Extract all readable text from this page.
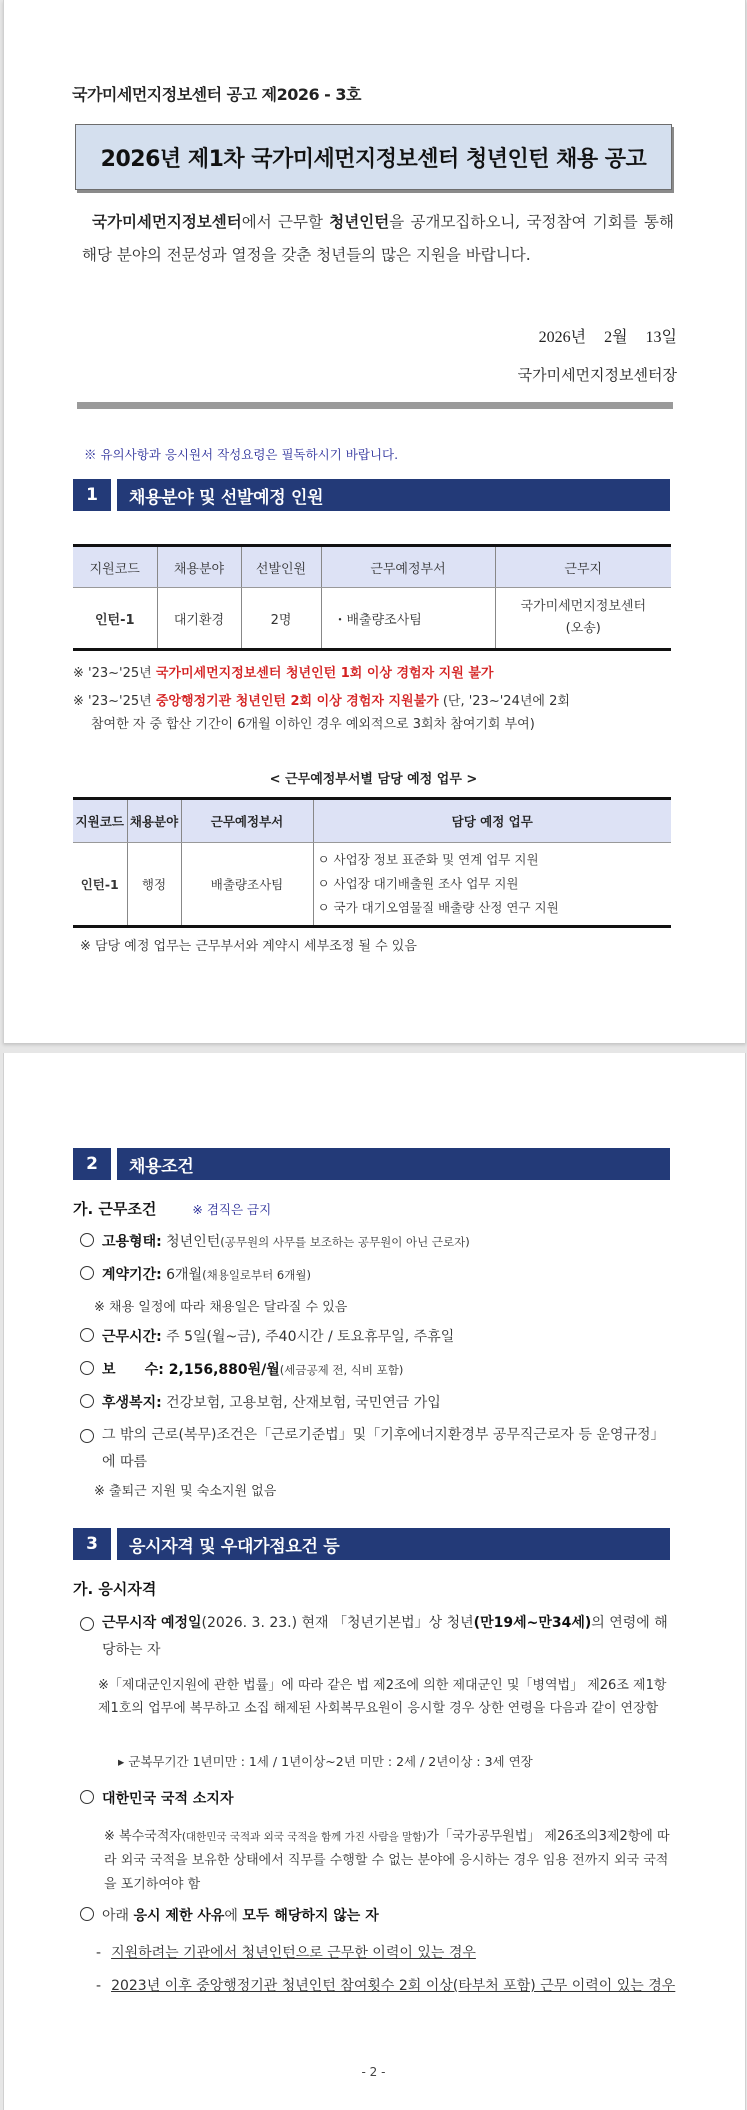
국가미세먼지정보센터 공고 제2026 - 3호
2026년 제1차 국가미세먼지정보센터 청년인턴 채용 공고
국가미세먼지정보센터에서 근무할 청년인턴을 공개모집하오니, 국정참여 기회를 통해 해당 분야의 전문성과 열정을 갖춘 청년들의 많은 지원을 바랍니다.
2026년 2월 13일
국가미세먼지정보센터장
※ 유의사항과 응시원서 작성요령은 필독하시기 바랍니다.
1	채용분야 및 선발예정 인원
지원코드	채용분야	선발인원	근무예정부서	근무지
인턴-1	대기환경	2명	・배출량조사팀	국가미세먼지정보센터
(오송)
※ '23~'25년 국가미세먼지정보센터 청년인턴 1회 이상 경험자 지원 불가
※ '23~'25년 중앙행정기관 청년인턴 2회 이상 경험자 지원불가 (단, '23~'24년에 2회
참여한 자 중 합산 기간이 6개월 이하인 경우 예외적으로 3회차 참여기회 부여)
< 근무예정부서별 담당 예정 업무 >
지원코드	채용분야	근무예정부서	담당 예정 업무
인턴-1	행정	배출량조사팀	ㅇ 사업장 정보 표준화 및 연계 업무 지원
ㅇ 사업장 대기배출원 조사 업무 지원
ㅇ 국가 대기오염물질 배출량 산정 연구 지원
※ 담당 예정 업무는 근무부서와 계약시 세부조정 될 수 있음
2	채용조건
가. 근무조건	※ 겸직은 금지
고용형태: 청년인턴(공무원의 사무를 보조하는 공무원이 아닌 근로자)
계약기간: 6개월(채용일로부터 6개월)
※ 채용 일정에 따라 채용일은 달라질 수 있음
근무시간: 주 5일(월~금), 주40시간 / 토요휴무일, 주휴일
보      수: 2,156,880원/월(세금공제 전, 식비 포함)
후생복지: 건강보험, 고용보험, 산재보험, 국민연금 가입
그 밖의 근로(복무)조건은「근로기준법」및「기후에너지환경부 공무직근로자 등 운영규정」에 따름
※ 출퇴근 지원 및 숙소지원 없음
3	응시자격 및 우대가점요건 등
가. 응시자격
근무시작 예정일(2026. 3. 23.) 현재 「청년기본법」상 청년(만19세~만34세)의 연령에 해당하는 자
※「제대군인지원에 관한 법률」에 따라 같은 법 제2조에 의한 제대군인 및「병역법」 제26조 제1항 제1호의 업무에 복무하고 소집 해제된 사회복무요원이 응시할 경우 상한 연령을 다음과 같이 연장함
▸ 군복무기간 1년미만 : 1세 / 1년이상~2년 미만 : 2세 / 2년이상 : 3세 연장
대한민국 국적 소지자
※ 복수국적자(대한민국 국적과 외국 국적을 함께 가진 사람을 말함)가「국가공무원법」 제26조의3제2항에 따라 외국 국적을 보유한 상태에서 직무를 수행할 수 없는 분야에 응시하는 경우 임용 전까지 외국 국적을 포기하여야 함
아래 응시 제한 사유에 모두 해당하지 않는 자
- 지원하려는 기관에서 청년인턴으로 근무한 이력이 있는 경우
- 2023년 이후 중앙행정기관 청년인턴 참여횟수 2회 이상(타부처 포함) 근무 이력이 있는 경우
- 2 -
